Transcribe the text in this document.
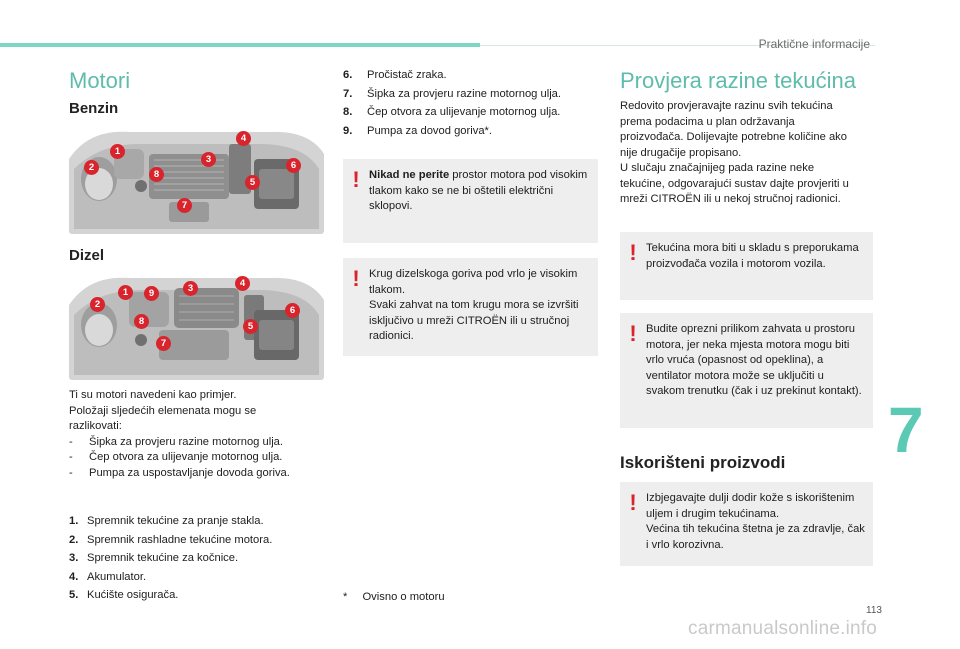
Praktične informacije
Motori
Benzin
1
2
3
4
5
6
7
8
Dizel
1
2
3	4
5
6
7
8
9
Ti su motori navedeni kao primjer.
Položaji sljedećih elemenata mogu se
razlikovati:
-	Šipka za provjeru razine motornog ulja.
-	Čep otvora za ulijevanje motornog ulja.
-	Pumpa za uspostavljanje dovoda goriva.
1. Spremnik tekućine za pranje stakla.
2. Spremnik rashladne tekućine motora.
3. Spremnik tekućine za kočnice.
4. Akumulator.
5. Kućište osigurača.
6.	Pročistač zraka.
7.	Šipka za provjeru razine motornog ulja.
8.	Čep otvora za ulijevanje motornog ulja.
9.	Pumpa za dovod goriva*.
! Nikad ne perite prostor motora pod visokim tlakom kako se ne bi oštetili električni sklopovi.

! Krug dizelskoga goriva pod vrlo je visokim tlakom.

Svaki zahvat na tom krugu mora se izvršiti isključivo u mreži CITROËN ili u stručnoj radionici.

* Ovisno o motoru
Provjera razine tekućina
Redovito provjeravajte razinu svih tekućina
prema podacima u plan održavanja
proizvođača. Dolijevajte potrebne količine ako
nije drugačije propisano.
U slučaju značajnijeg pada razine neke
tekućine, odgovarajući sustav dajte provjeriti u
mreži CITROËN ili u nekoj stručnoj radionici.
! Tekućina mora biti u skladu s preporukama proizvođača vozila i motorom vozila.

! Budite oprezni prilikom zahvata u prostoru motora, jer neka mjesta motora mogu biti vrlo vruća (opasnost od opeklina), a ventilator motora može se uključiti u svakom trenutku (čak i uz prekinut kontakt).

Iskorišteni proizvodi
! Izbjegavajte dulji dodir kože s iskorištenim uljem i drugim tekućinama.

Većina tih tekućina štetna je za zdravlje, čak i vrlo korozivna.

7
113
carmanualsonline.info
